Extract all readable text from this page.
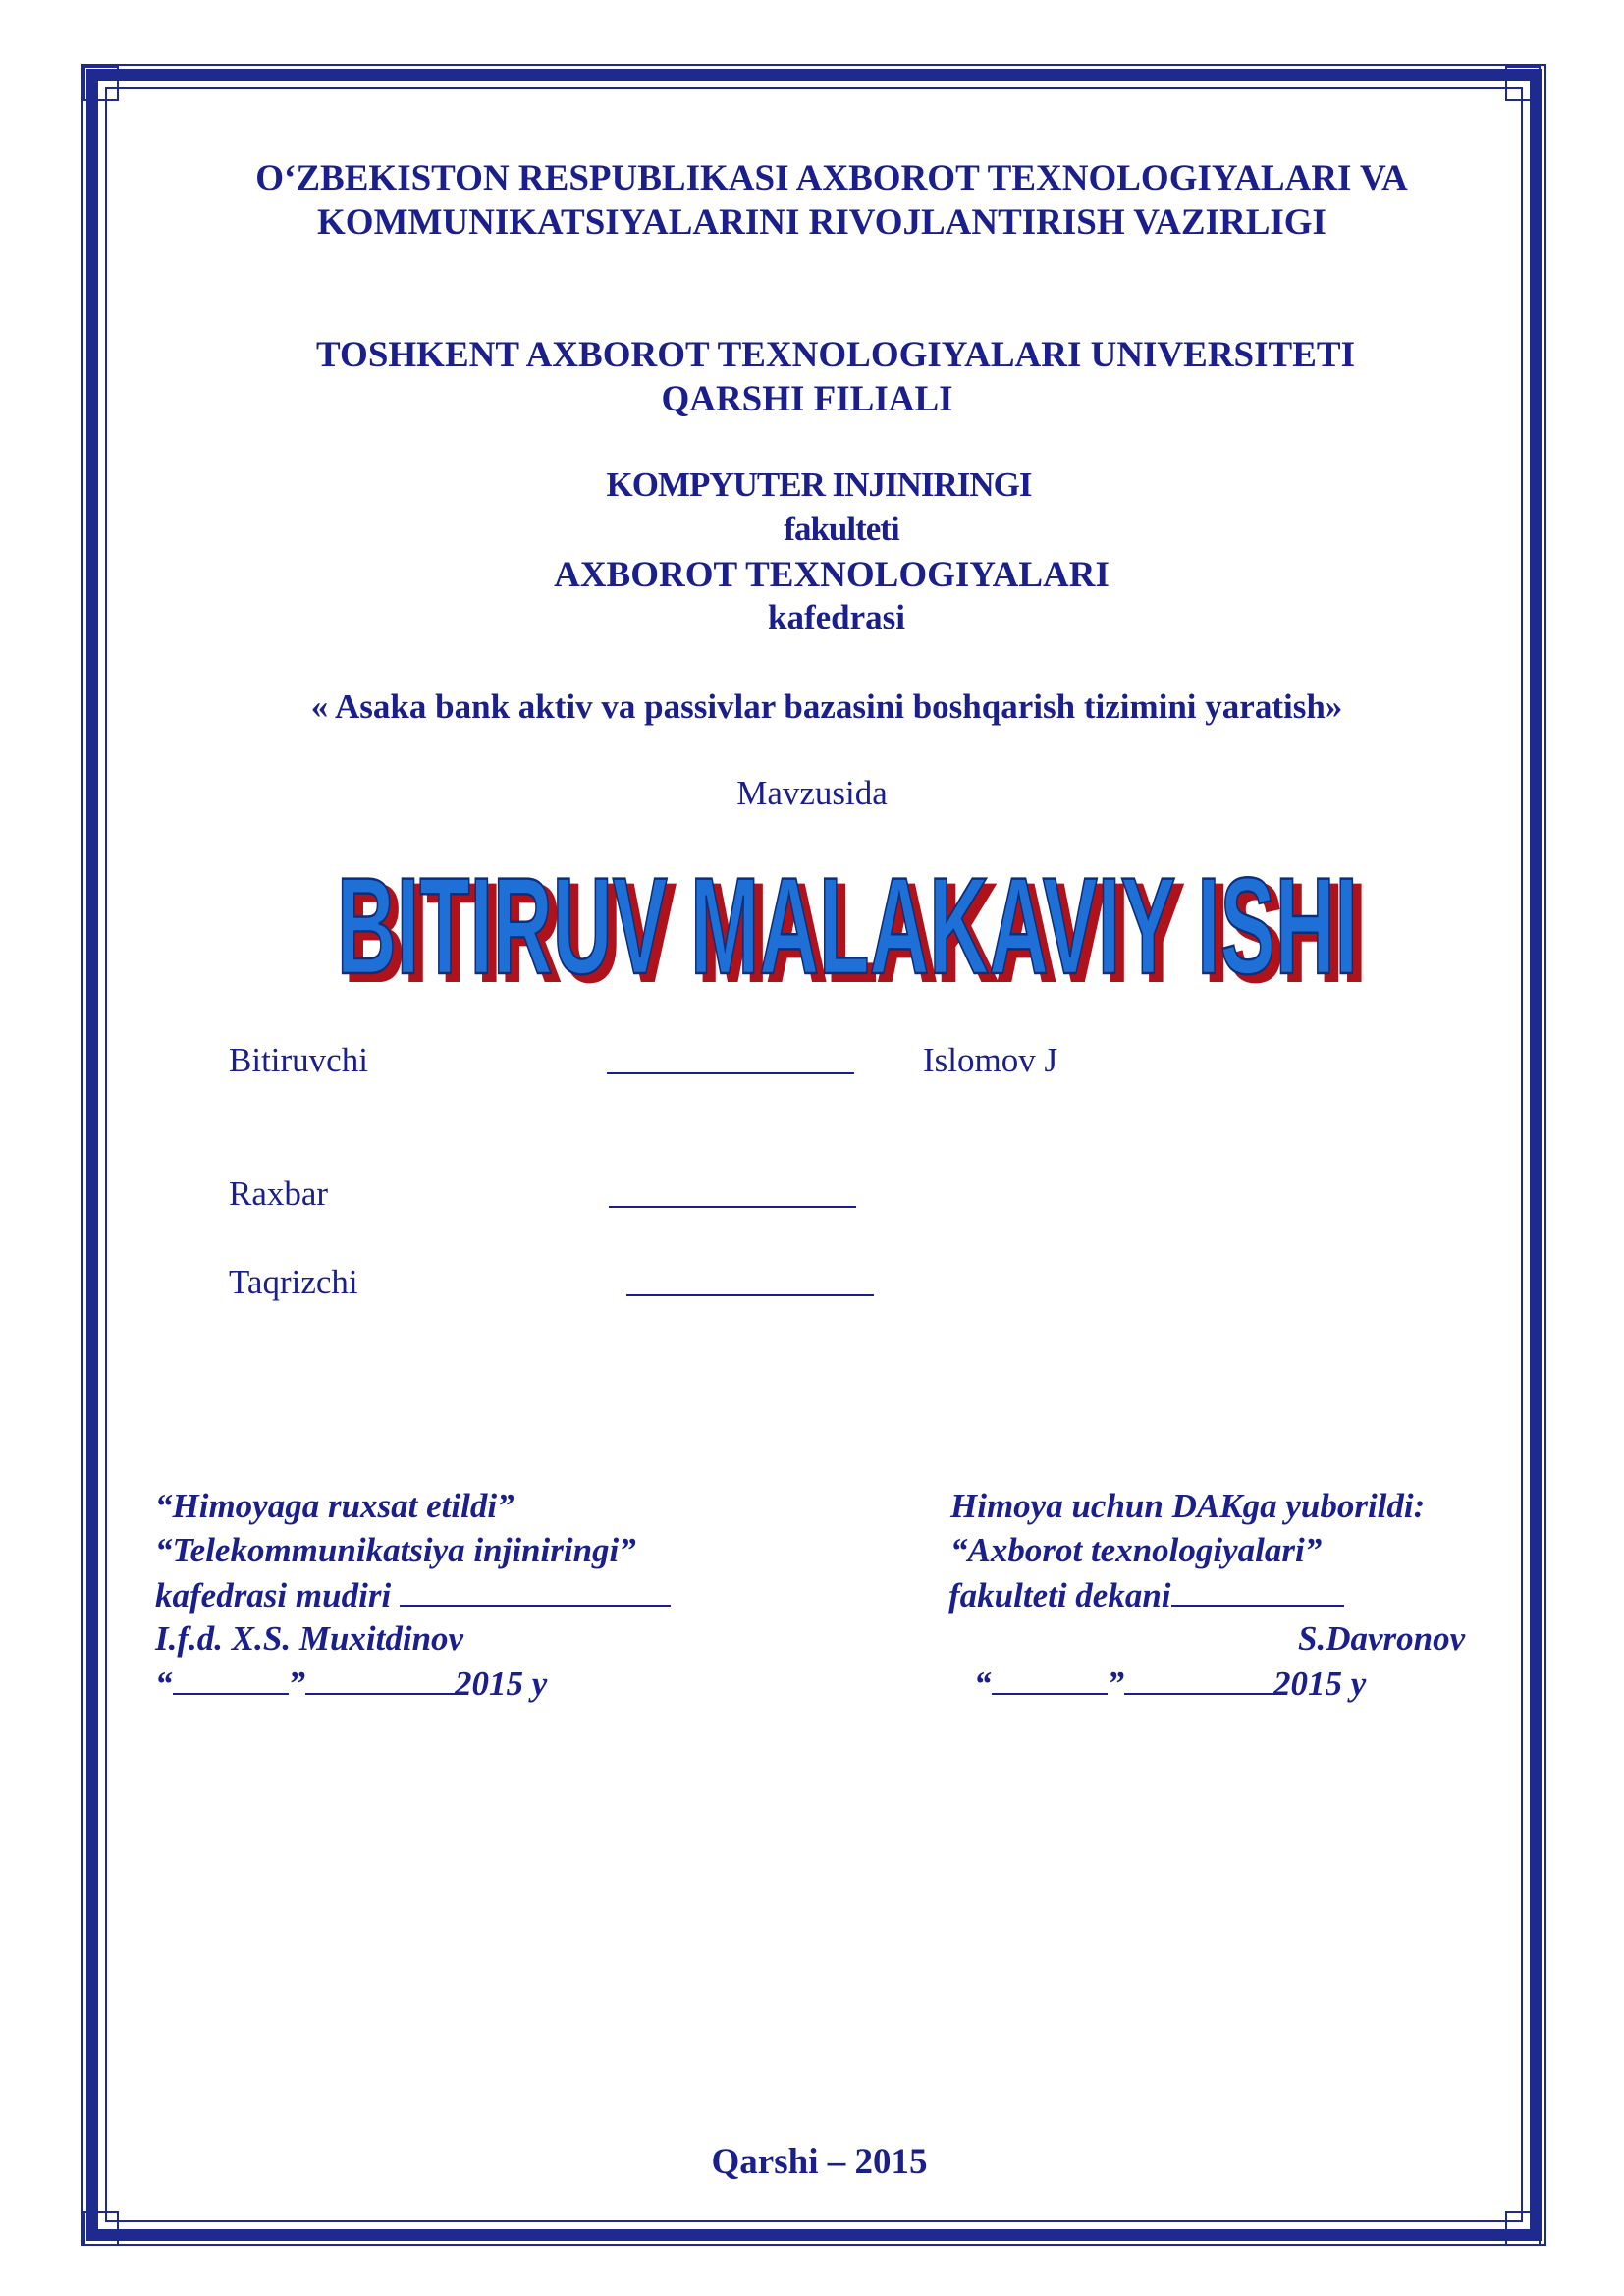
O‘ZBEKISTON RESPUBLIKASI AXBOROT TEXNOLOGIYALARI VA
KOMMUNIKATSIYALARINI RIVOJLANTIRISH VAZIRLIGI
TOSHKENT AXBOROT TEXNOLOGIYALARI UNIVERSITETI
QARSHI FILIALI
KOMPYUTER INJINIRINGI
fakulteti
AXBOROT TEXNOLOGIYALARI
kafedrasi
« Asaka bank aktiv va passivlar bazasini boshqarish tizimini yaratish»
Mavzusida
BITIRUV MALAKAVIY ISHI
BITIRUV MALAKAVIY ISHI
Bitiruvchi	Islomov J
Raxbar
Taqrizchi
“Himoyaga ruxsat etildi”
“Telekommunikatsiya injiniringi”
kafedrasi mudiri
I.f.d. X.S. Muxitdinov
“	”	2015 y
Himoya uchun DAKga yuborildi:
“Axborot texnologiyalari”
fakulteti dekani
S.Davronov
“	”	2015 y
Qarshi – 2015
